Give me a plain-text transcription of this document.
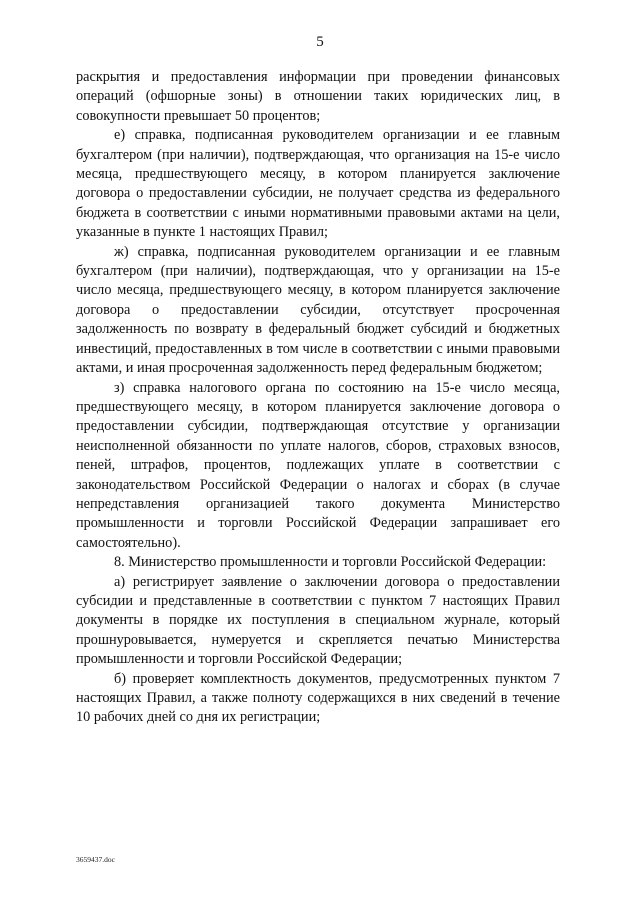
5

раскрытия и предоставления информации при проведении финансовых операций (офшорные зоны) в отношении таких юридических лиц, в совокупности превышает 50 процентов;

е) справка, подписанная руководителем организации и ее главным бухгалтером (при наличии), подтверждающая, что организация на 15-е число месяца, предшествующего месяцу, в котором планируется заключение договора о предоставлении субсидии, не получает средства из федерального бюджета в соответствии с иными нормативными правовыми актами на цели, указанные в пункте 1 настоящих Правил;

ж) справка, подписанная руководителем организации и ее главным бухгалтером (при наличии), подтверждающая, что у организации на 15-е число месяца, предшествующего месяцу, в котором планируется заключение договора о предоставлении субсидии, отсутствует просроченная задолженность по возврату в федеральный бюджет субсидий и бюджетных инвестиций, предоставленных в том числе в соответствии с иными правовыми актами, и иная просроченная задолженность перед федеральным бюджетом;

з) справка налогового органа по состоянию на 15-е число месяца, предшествующего месяцу, в котором планируется заключение договора о предоставлении субсидии, подтверждающая отсутствие у организации неисполненной обязанности по уплате налогов, сборов, страховых взносов, пеней, штрафов, процентов, подлежащих уплате в соответствии с законодательством Российской Федерации о налогах и сборах (в случае непредставления организацией такого документа Министерство промышленности и торговли Российской Федерации запрашивает его самостоятельно).

8. Министерство промышленности и торговли Российской Федерации:

а) регистрирует заявление о заключении договора о предоставлении субсидии и представленные в соответствии с пунктом 7 настоящих Правил документы в порядке их поступления в специальном журнале, который прошнуровывается, нумеруется и скрепляется печатью Министерства промышленности и торговли Российской Федерации;

б) проверяет комплектность документов, предусмотренных пунктом 7 настоящих Правил, а также полноту содержащихся в них сведений в течение 10 рабочих дней со дня их регистрации;

3659437.doc
